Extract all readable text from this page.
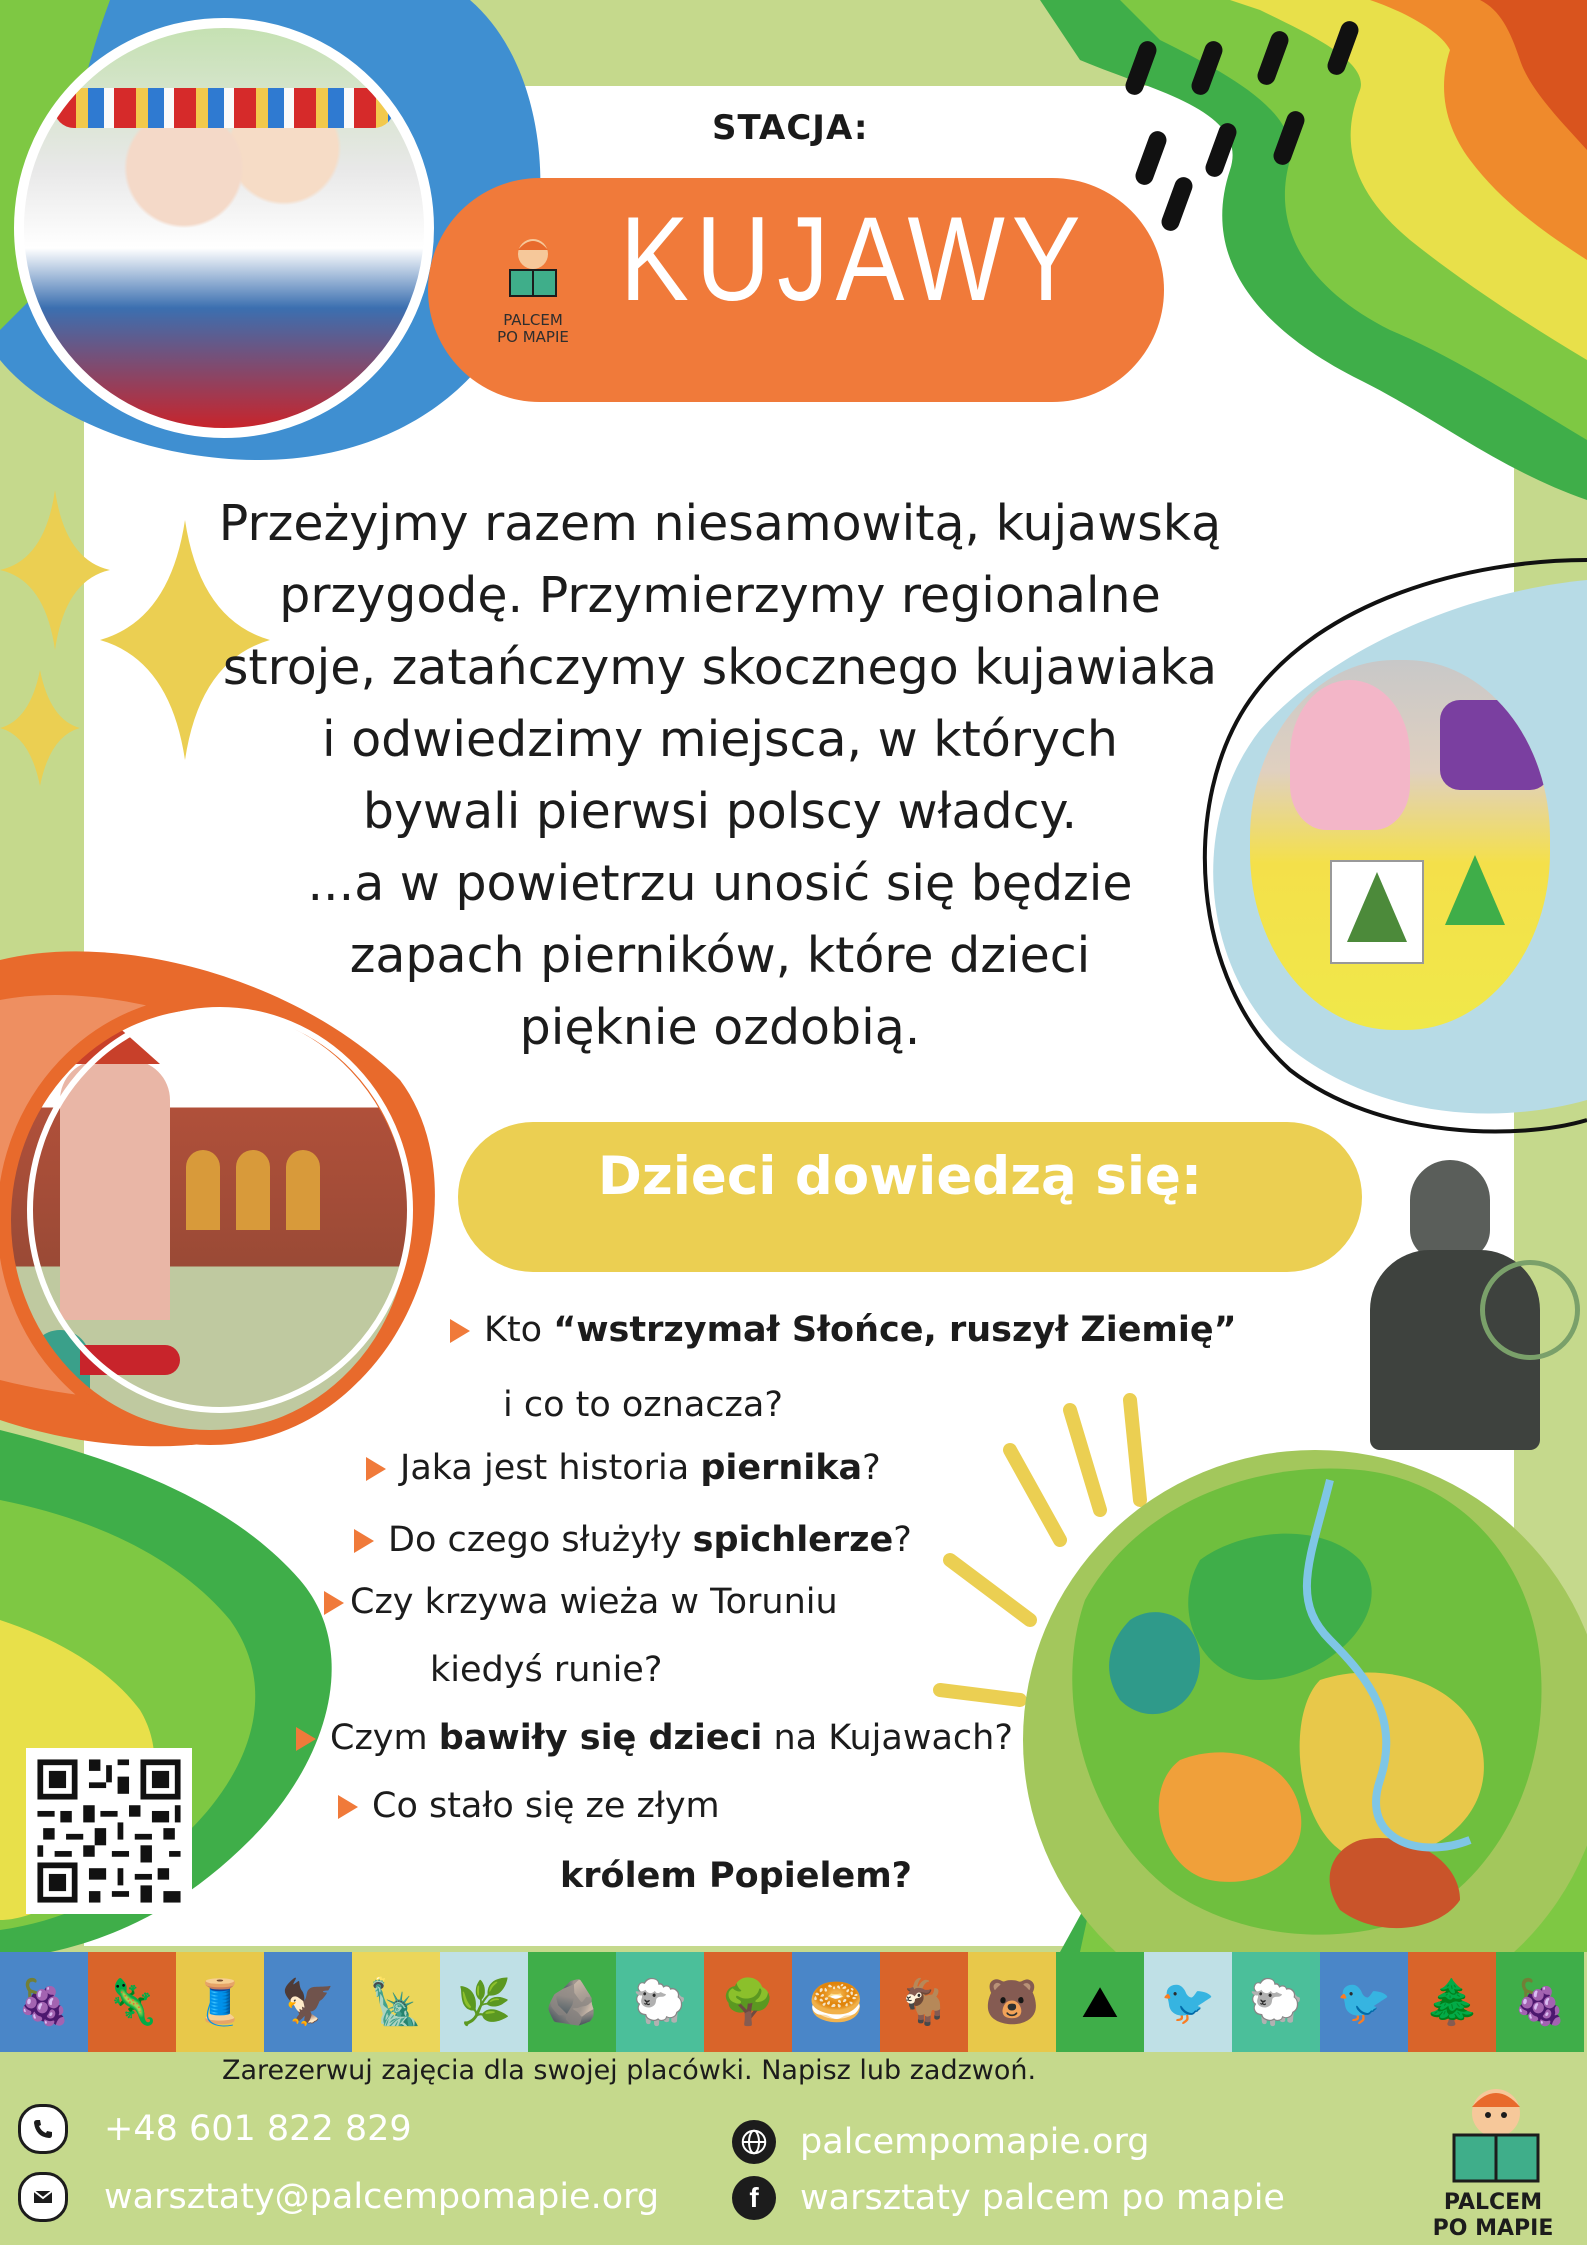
STACJA:
PALCEM
PO MAPIE
KUJAWY
Przeżyjmy razem niesamowitą, kujawską
przygodę. Przymierzymy regionalne
stroje, zatańczymy skocznego kujawiaka
i odwiedzimy miejsca, w których
bywali pierwsi polscy władcy.
...a w powietrzu unosić się będzie
zapach pierników, które dzieci
pięknie ozdobią.
Dzieci dowiedzą się:
Kto “wstrzymał Słońce, ruszył Ziemię”
i co to oznacza?
Jaka jest historia piernika?
Do czego służyły spichlerze?
Czy krzywa wieża w Toruniu
kiedyś runie?
Czym bawiły się dzieci na Kujawach?
Co stało się ze złym
królem Popielem?
🍇 🦎 🧵 🦅 🗽 🌿 🪨 🐑 🌳 🥯 🐐 🐻 ⛰ 🐦 🐑 🐦 🌲 🍇
Zarezerwuj zajęcia dla swojej placówki. Napisz lub zadzwoń.
+48 601 822 829
warsztaty@palcempomapie.org
palcempomapie.org
f	warsztaty palcem po mapie	PALCEM
PO MAPIE
